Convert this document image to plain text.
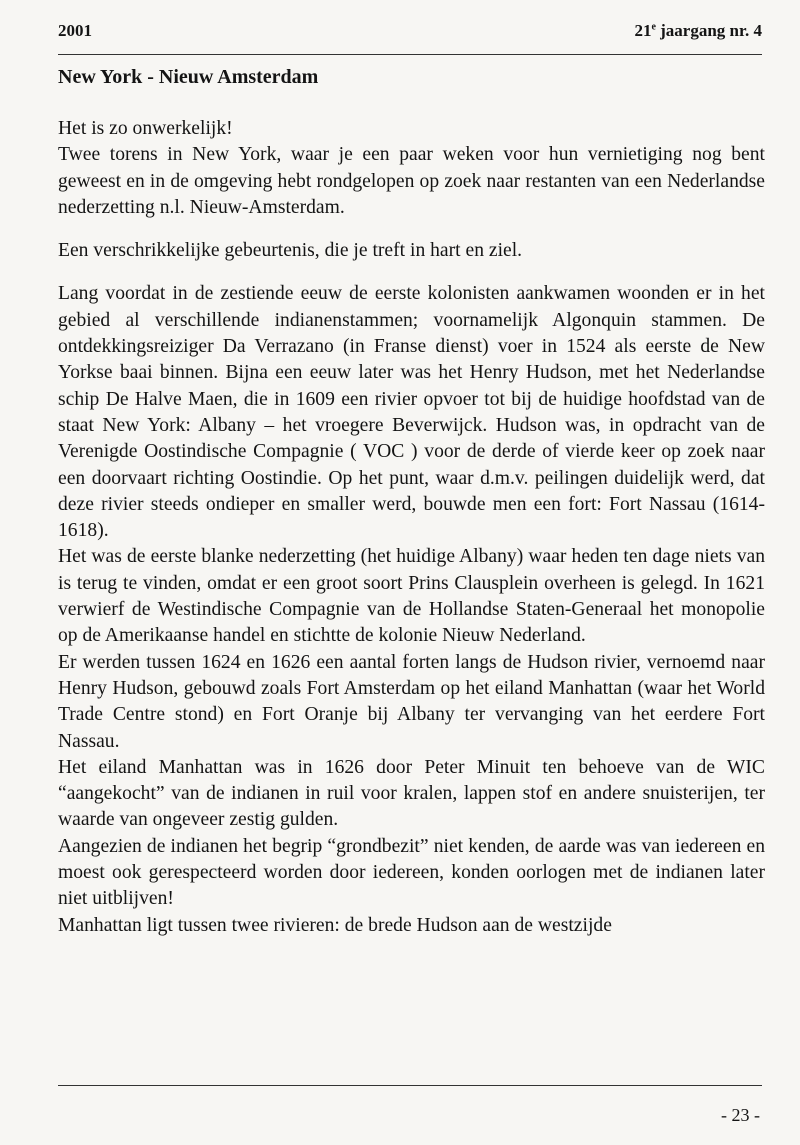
2001	21e jaargang nr. 4
New York - Nieuw Amsterdam

Het is zo onwerkelijk!

Twee torens in New York, waar je een paar weken voor hun vernietiging nog bent geweest en in de omgeving hebt rondgelopen op zoek naar restanten van een Nederlandse nederzetting n.l. Nieuw-Amsterdam.

Een verschrikkelijke gebeurtenis, die je treft in hart en ziel.

Lang voordat in de zestiende eeuw de eerste kolonisten aankwamen woonden er in het gebied al verschillende indianenstammen; voornamelijk Algonquin stammen. De ontdekkingsreiziger Da Verrazano (in Franse dienst) voer in 1524 als eerste de New Yorkse baai binnen. Bijna een eeuw later was het Henry Hudson, met het Nederlandse schip De Halve Maen, die in 1609 een rivier opvoer tot bij de huidige hoofdstad van de staat New York: Albany – het vroegere Beverwijck. Hudson was, in opdracht van de Verenigde Oostindische Compagnie ( VOC ) voor de derde of vierde keer op zoek naar een doorvaart richting Oostindie. Op het punt, waar d.m.v. peilingen duidelijk werd, dat deze rivier steeds ondieper en smaller werd, bouwde men een fort: Fort Nassau (1614-1618).

Het was de eerste blanke nederzetting (het huidige Albany) waar heden ten dage niets van is terug te vinden, omdat er een groot soort Prins Clausplein overheen is gelegd. In 1621 verwierf de Westindische Compagnie van de Hollandse Staten-Generaal het monopolie op de Amerikaanse handel en stichtte de kolonie Nieuw Nederland.

Er werden tussen 1624 en 1626 een aantal forten langs de Hudson rivier, vernoemd naar Henry Hudson, gebouwd zoals Fort Amsterdam op het eiland Manhattan (waar het World Trade Centre stond) en Fort Oranje bij Albany ter vervanging van het eerdere Fort Nassau.

Het eiland Manhattan was in 1626 door Peter Minuit ten behoeve van de WIC “aangekocht” van de indianen in ruil voor kralen, lappen stof en andere snuisterijen, ter waarde van ongeveer zestig gulden.

Aangezien de indianen het begrip “grondbezit” niet kenden, de aarde was van iedereen en moest ook gerespecteerd worden door iedereen, konden oorlogen met de indianen later niet uitblijven!

Manhattan ligt tussen twee rivieren: de brede Hudson aan de westzijde

- 23 -
